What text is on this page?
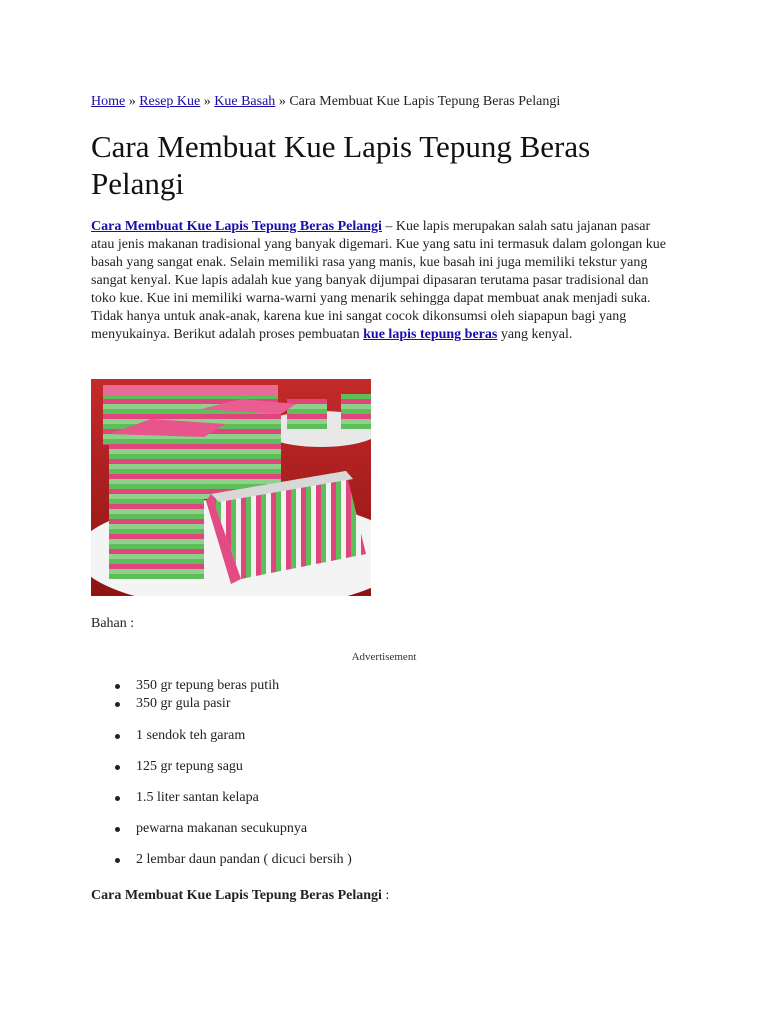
Home » Resep Kue » Kue Basah » Cara Membuat Kue Lapis Tepung Beras Pelangi
Cara Membuat Kue Lapis Tepung Beras Pelangi

Cara Membuat Kue Lapis Tepung Beras Pelangi – Kue lapis merupakan salah satu jajanan pasar atau jenis makanan tradisional yang banyak digemari. Kue yang satu ini termasuk dalam golongan kue basah yang sangat enak. Selain memiliki rasa yang manis, kue basah ini juga memiliki tekstur yang sangat kenyal. Kue lapis adalah kue yang banyak dijumpai dipasaran terutama pasar tradisional dan toko kue. Kue ini memiliki warna-warni yang menarik sehingga dapat membuat anak menjadi suka. Tidak hanya untuk anak-anak, karena kue ini sangat cocok dikonsumsi oleh siapapun bagi yang menyukainya. Berikut adalah proses pembuatan kue lapis tepung beras yang kenyal.

Bahan :
Advertisement
350 gr tepung beras putih
350 gr gula pasir
1 sendok teh garam
125 gr tepung sagu
1.5 liter santan kelapa
pewarna makanan secukupnya
2 lembar daun pandan ( dicuci bersih )
Cara Membuat Kue Lapis Tepung Beras Pelangi :
